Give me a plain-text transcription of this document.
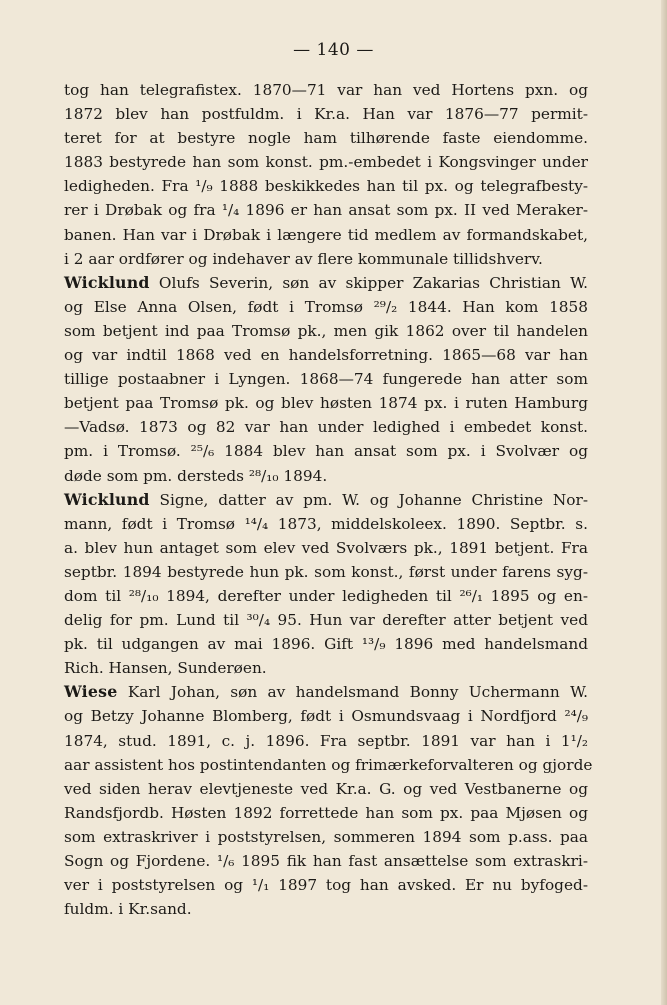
— 140 —
tog han telegrafistex. 1870—71 var han ved Hortens pxn. og
1872 blev han postfuldm. i Kr.a. Han var 1876—77 permit-
teret for at bestyre nogle ham tilhørende faste eiendomme.
1883 bestyrede han som konst. pm.-embedet i Kongsvinger under
ledigheden. Fra ¹/₉ 1888 beskikkedes han til px. og telegrafbesty-
rer i Drøbak og fra ¹/₄ 1896 er han ansat som px. II ved Meraker-
banen. Han var i Drøbak i længere tid medlem av formandskabet,
i 2 aar ordfører og indehaver av flere kommunale tillidshverv.
Wicklund Olufs Severin, søn av skipper Zakarias Christian W.
og Else Anna Olsen, født i Tromsø ²⁹/₂ 1844. Han kom 1858
som betjent ind paa Tromsø pk., men gik 1862 over til handelen
og var indtil 1868 ved en handelsforretning. 1865—68 var han
tillige postaabner i Lyngen. 1868—74 fungerede han atter som
betjent paa Tromsø pk. og blev høsten 1874 px. i ruten Hamburg
—Vadsø. 1873 og 82 var han under ledighed i embedet konst.
pm. i Tromsø. ²⁵/₆ 1884 blev han ansat som px. i Svolvær og
døde som pm. dersteds ²⁸/₁₀ 1894.
Wicklund Signe, datter av pm. W. og Johanne Christine Nor-
mann, født i Tromsø ¹⁴/₄ 1873, middelskoleex. 1890. Septbr. s.
a. blev hun antaget som elev ved Svolværs pk., 1891 betjent. Fra
septbr. 1894 bestyrede hun pk. som konst., først under farens syg-
dom til ²⁸/₁₀ 1894, derefter under ledigheden til ²⁶/₁ 1895 og en-
delig for pm. Lund til ³⁰/₄ 95. Hun var derefter atter betjent ved
pk. til udgangen av mai 1896. Gift ¹³/₉ 1896 med handelsmand
Rich. Hansen, Sunderøen.
Wiese Karl Johan, søn av handelsmand Bonny Uchermann W.
og Betzy Johanne Blomberg, født i Osmundsvaag i Nordfjord ²⁴/₉
1874, stud. 1891, c. j. 1896. Fra septbr. 1891 var han i 1¹/₂
aar assistent hos postintendanten og frimærkeforvalteren og gjorde
ved siden herav elevtjeneste ved Kr.a. G. og ved Vestbanerne og
Randsfjordb. Høsten 1892 forrettede han som px. paa Mjøsen og
som extraskriver i poststyrelsen, sommeren 1894 som p.ass. paa
Sogn og Fjordene. ¹/₆ 1895 fik han fast ansættelse som extraskri-
ver i poststyrelsen og ¹/₁ 1897 tog han avsked. Er nu byfoged-
fuldm. i Kr.sand.
